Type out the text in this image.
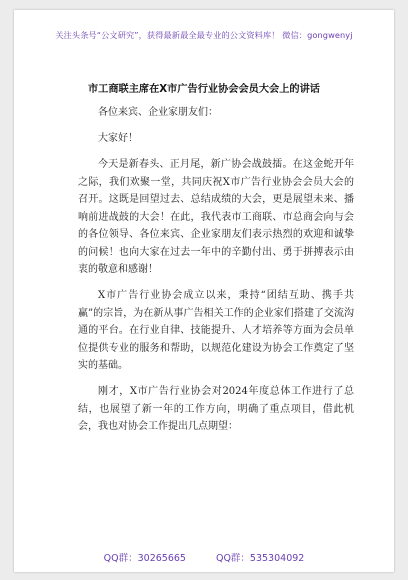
关注头条号“公文研究”，获得最新最全最专业的公文资料库！ 微信：gongwenyj
市工商联主席在X市广告行业协会会员大会上的讲话

各位来宾、企业家朋友们：

大家好！

今天是新春头、正月尾，新广协会战鼓擂。在这金蛇开年之际，我们欢聚一堂，共同庆祝X市广告行业协会会员大会的召开。这既是回望过去、总结成绩的大会，更是展望未来、播响前进战鼓的大会！在此，我代表市工商联、市总商会向与会的各位领导、各位来宾、企业家朋友们表示热烈的欢迎和诚挚的问候！也向大家在过去一年中的辛勤付出、勇于拼搏表示由衷的敬意和感谢！

X市广告行业协会成立以来，秉持“团结互助、携手共赢”的宗旨，为在新从事广告相关工作的企业家们搭建了交流沟通的平台。在行业自律、技能提升、人才培养等方面为会员单位提供专业的服务和帮助，以规范化建设为协会工作奠定了坚实的基础。

刚才，X市广告行业协会对2024年度总体工作进行了总结，也展望了新一年的工作方向，明确了重点项目，借此机会，我也对协会工作提出几点期望：

QQ群：30265665	QQ群：535304092
